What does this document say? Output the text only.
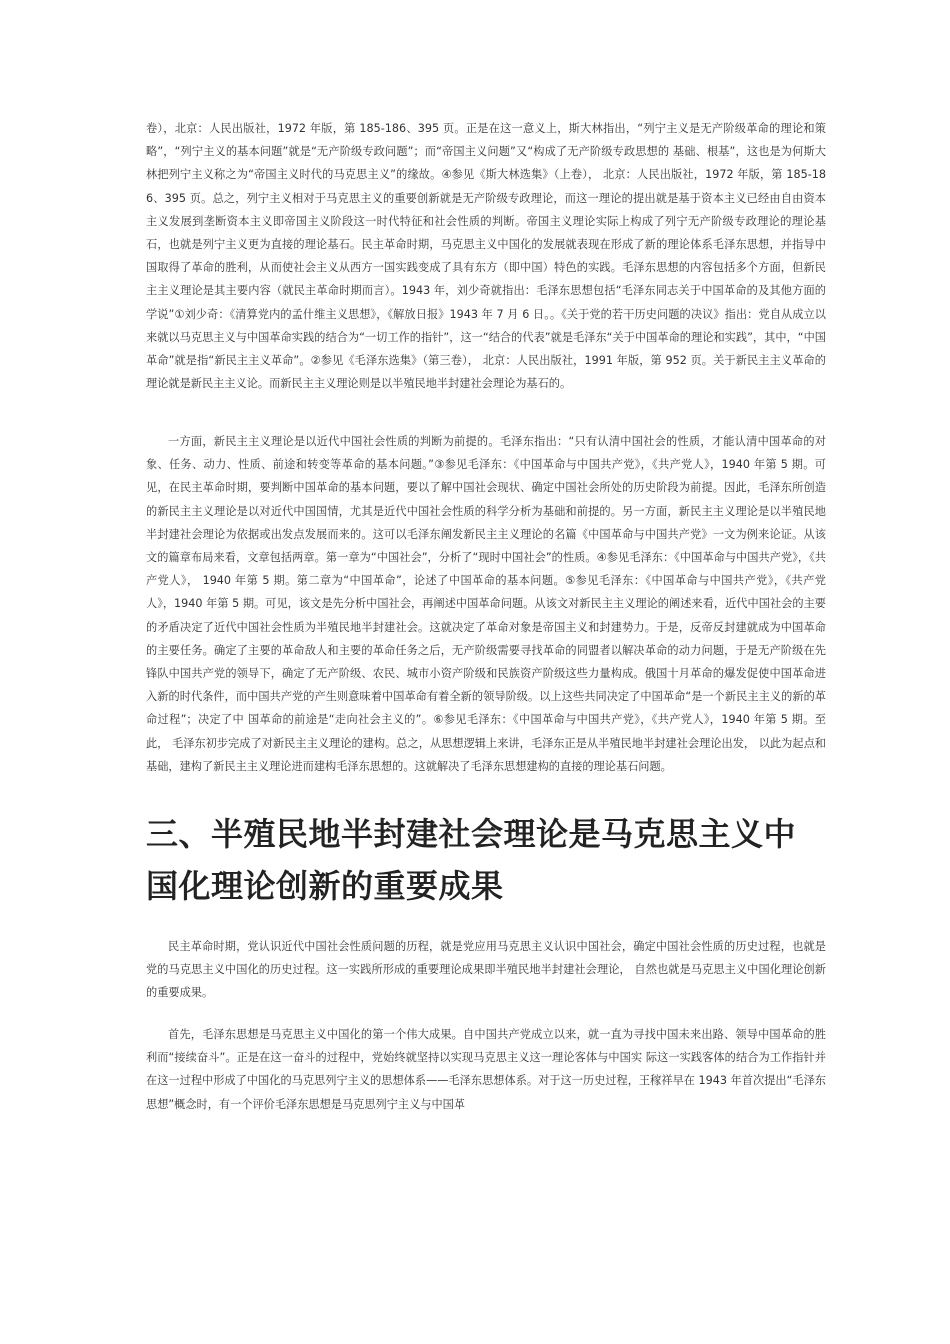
卷），北京：人民出版社，1972 年版，第 185-186、395 页。正是在这一意义上，斯大林指出，“列宁主义是无产阶级革命的理论和策略”，“列宁主义的基本问题”就是“无产阶级专政问题”；而“帝国主义问题”又“构成了无产阶级专政思想的 基础、根基”，这也是为何斯大林把列宁主义称之为“帝国主义时代的马克思主义”的缘故。④参见《斯大林选集》（上卷）， 北京：人民出版社，1972 年版，第 185-186、395 页。总之，列宁主义相对于马克思主义的重要创新就是无产阶级专政理论，而这一理论的提出就是基于资本主义已经由自由资本主义发展到垄断资本主义即帝国主义阶段这一时代特征和社会性质的判断。帝国主义理论实际上构成了列宁无产阶级专政理论的理论基石，也就是列宁主义更为直接的理论基石。民主革命时期，马克思主义中国化的发展就表现在形成了新的理论体系毛泽东思想，并指导中国取得了革命的胜利，从而使社会主义从西方一国实践变成了具有东方（即中国）特色的实践。毛泽东思想的内容包括多个方面，但新民主主义理论是其主要内容（就民主革命时期而言）。1943 年，刘少奇就指出：毛泽东思想包括“毛泽东同志关于中国革命的及其他方面的学说”①刘少奇：《清算党内的孟什维主义思想》，《解放日报》1943 年 7 月 6 日。。《关于党的若干历史问题的决议》指出：党自从成立以来就以马克思主义与中国革命实践的结合为“一切工作的指针”，这一“结合的代表”就是毛泽东“关于中国革命的理论和实践”，其中，“中国革命”就是指“新民主主义革命”。②参见《毛泽东选集》（第三卷）， 北京：人民出版社，1991 年版，第 952 页。关于新民主主义革命的理论就是新民主主义论。而新民主主义理论则是以半殖民地半封建社会理论为基石的。

一方面，新民主主义理论是以近代中国社会性质的判断为前提的。毛泽东指出：“只有认清中国社会的性质，才能认清中国革命的对象、任务、动力、性质、前途和转变等革命的基本问题。”③参见毛泽东：《中国革命与中国共产党》，《共产党人》，1940 年第 5 期。可见，在民主革命时期，要判断中国革命的基本问题，要以了解中国社会现状、确定中国社会所处的历史阶段为前提。因此，毛泽东所创造的新民主主义理论是以对近代中国国情，尤其是近代中国社会性质的科学分析为基础和前提的。另一方面，新民主主义理论是以半殖民地半封建社会理论为依据或出发点发展而来的。这可以毛泽东阐发新民主主义理论的名篇《中国革命与中国共产党》一文为例来论证。从该文的篇章布局来看，文章包括两章。第一章为“中国社会”，分析了“现时中国社会”的性质。④参见毛泽东：《中国革命与中国共产党》，《共产党人》， 1940 年第 5 期。第二章为“中国革命”，论述了中国革命的基本问题。⑤参见毛泽东：《中国革命与中国共产党》，《共产党人》，1940 年第 5 期。可见，该文是先分析中国社会，再阐述中国革命问题。从该文对新民主主义理论的阐述来看，近代中国社会的主要的矛盾决定了近代中国社会性质为半殖民地半封建社会。这就决定了革命对象是帝国主义和封建势力。于是，反帝反封建就成为中国革命的主要任务。确定了主要的革命敌人和主要的革命任务之后，无产阶级需要寻找革命的同盟者以解决革命的动力问题，于是无产阶级在先锋队中国共产党的领导下，确定了无产阶级、农民、城市小资产阶级和民族资产阶级这些力量构成。俄国十月革命的爆发促使中国革命进入新的时代条件，而中国共产党的产生则意味着中国革命有着全新的领导阶级。以上这些共同决定了中国革命“是一个新民主主义的新的革命过程”；决定了中 国革命的前途是“走向社会主义的”。⑥参见毛泽东：《中国革命与中国共产党》，《共产党人》，1940 年第 5 期。至此， 毛泽东初步完成了对新民主主义理论的建构。总之，从思想逻辑上来讲，毛泽东正是从半殖民地半封建社会理论出发， 以此为起点和基础，建构了新民主主义理论进而建构毛泽东思想的。这就解决了毛泽东思想建构的直接的理论基石问题。

三、半殖民地半封建社会理论是马克思主义中国化理论创新的重要成果

民主革命时期，党认识近代中国社会性质问题的历程，就是党应用马克思主义认识中国社会，确定中国社会性质的历史过程，也就是党的马克思主义中国化的历史过程。这一实践所形成的重要理论成果即半殖民地半封建社会理论， 自然也就是马克思主义中国化理论创新的重要成果。

首先，毛泽东思想是马克思主义中国化的第一个伟大成果。自中国共产党成立以来，就一直为寻找中国未来出路、领导中国革命的胜利而“接续奋斗”。正是在这一奋斗的过程中，党始终就坚持以实现马克思主义这一理论客体与中国实 际这一实践客体的结合为工作指针并在这一过程中形成了中国化的马克思列宁主义的思想体系——毛泽东思想体系。对于这一历史过程，王稼祥早在 1943 年首次提出“毛泽东思想”概念时，有一个评价毛泽东思想是马克思列宁主义与中国革
